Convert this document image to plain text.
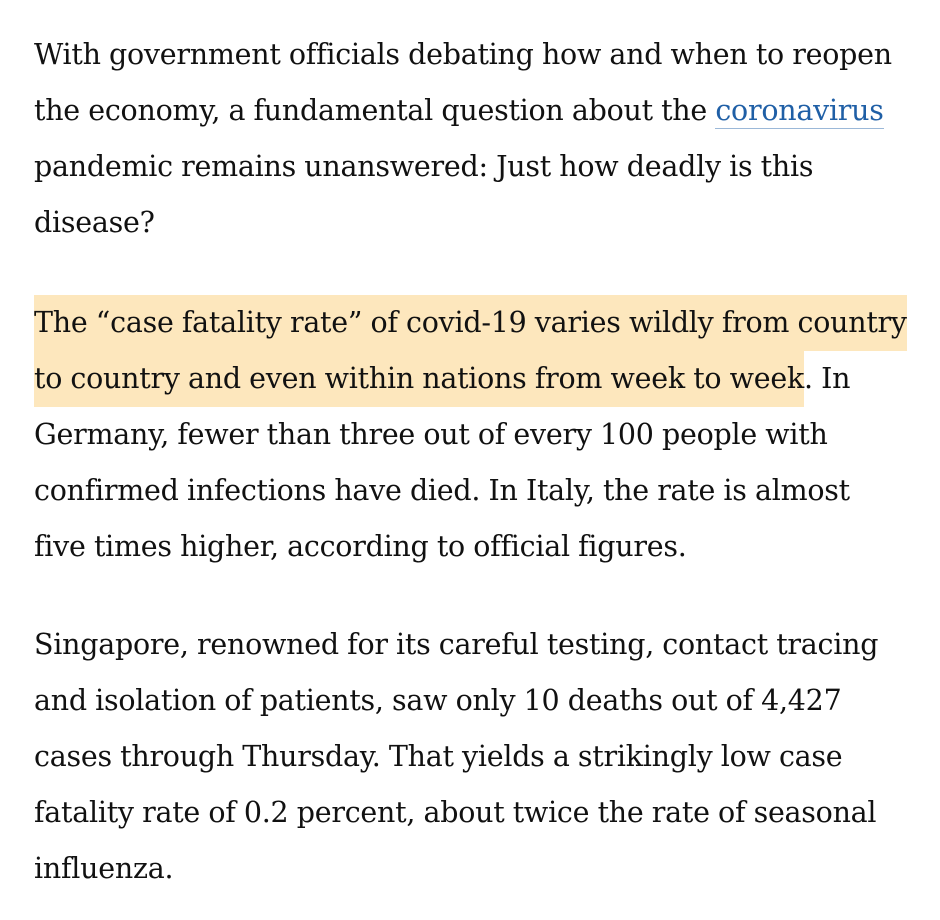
With government officials debating how and when to reopen
the economy, a fundamental question about the coronavirus
pandemic remains unanswered: Just how deadly is this
disease?
The “case fatality rate” of covid-19 varies wildly from country
to country and even within nations from week to week. In
Germany, fewer than three out of every 100 people with
confirmed infections have died. In Italy, the rate is almost
five times higher, according to official figures.
Singapore, renowned for its careful testing, contact tracing
and isolation of patients, saw only 10 deaths out of 4,427
cases through Thursday. That yields a strikingly low case
fatality rate of 0.2 percent, about twice the rate of seasonal
influenza.
